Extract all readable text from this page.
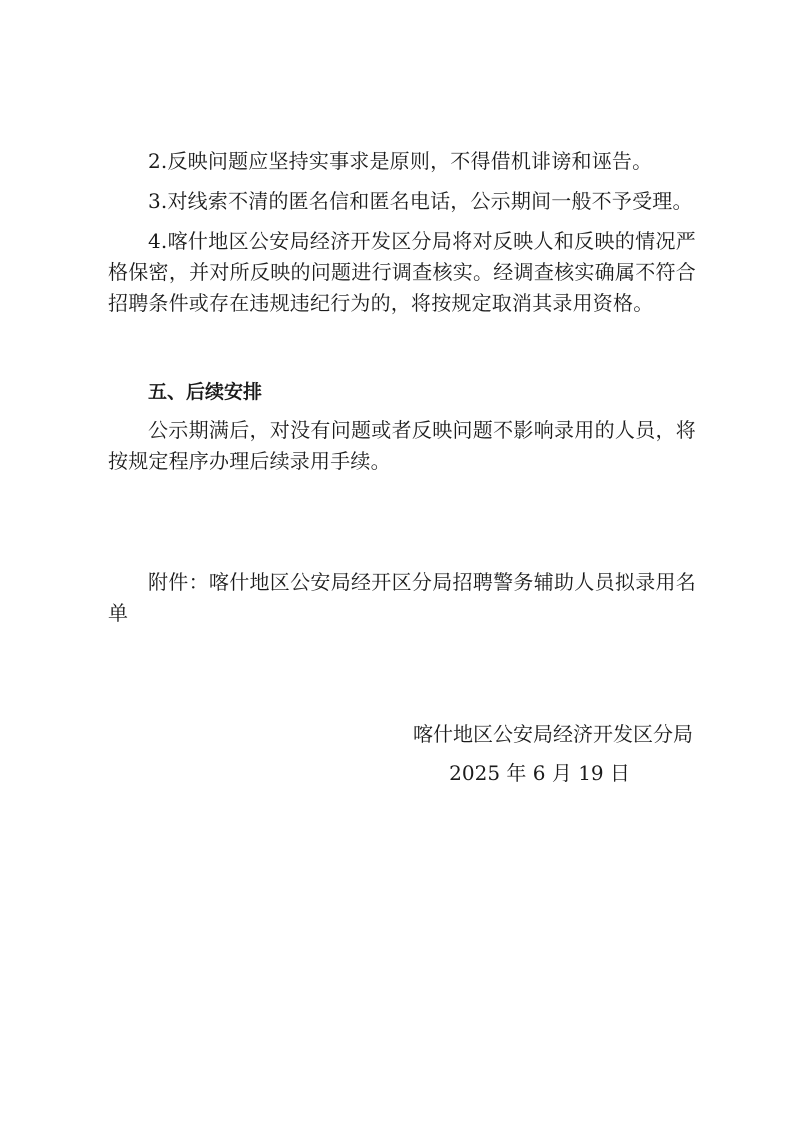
2.反映问题应坚持实事求是原则，不得借机诽谤和诬告。

3.对线索不清的匿名信和匿名电话，公示期间一般不予受理。

4.喀什地区公安局经济开发区分局将对反映人和反映的情况严格保密，并对所反映的问题进行调查核实。经调查核实确属不符合招聘条件或存在违规违纪行为的，将按规定取消其录用资格。

五、后续安排

公示期满后，对没有问题或者反映问题不影响录用的人员，将按规定程序办理后续录用手续。

附件：喀什地区公安局经开区分局招聘警务辅助人员拟录用名单

喀什地区公安局经济开发区分局

2025 年 6 月 19 日
